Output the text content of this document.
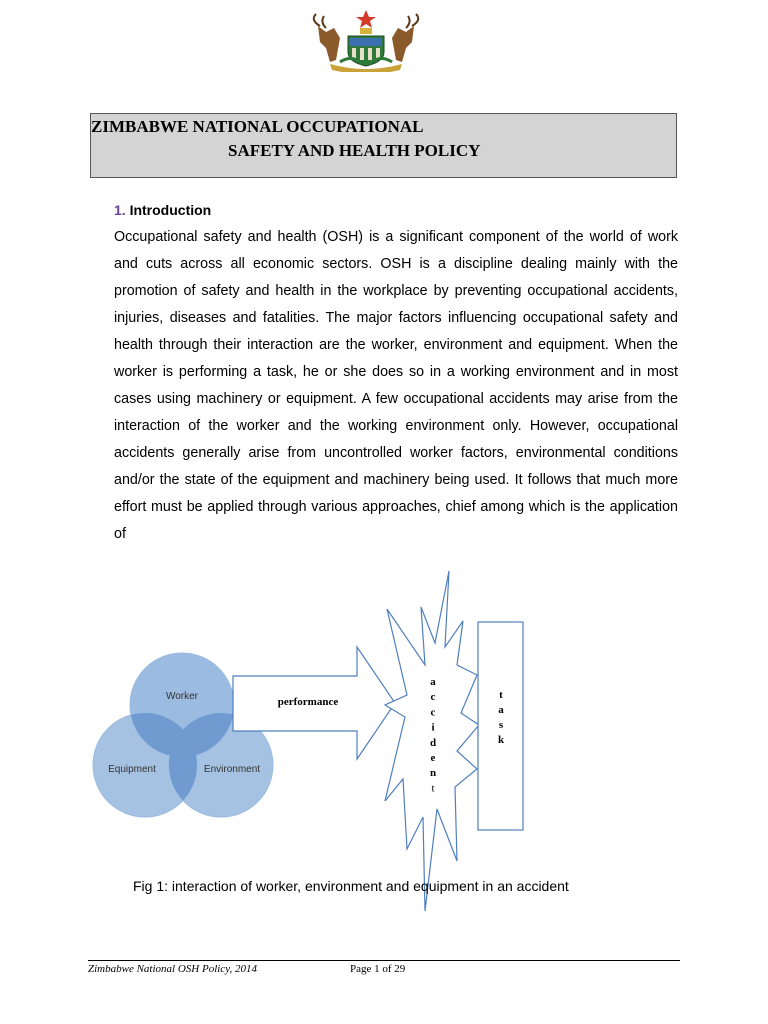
ZIMBABWE NATIONAL OCCUPATIONAL
SAFETY AND HEALTH POLICY
1. Introduction

Occupational safety and health (OSH) is a significant component of the world of work and cuts across all economic sectors. OSH is a discipline dealing mainly with the promotion of safety and health in the workplace by preventing occupational accidents, injuries, diseases and fatalities. The major factors influencing occupational safety and health through their interaction are the worker, environment and equipment. When the worker is performing a task, he or she does so in a working environment and in most cases using machinery or equipment. A few occupational accidents may arise from the interaction of the worker and the working environment only. However, occupational accidents generally arise from uncontrolled worker factors, environmental conditions and/or the state of the equipment and machinery being used. It follows that much more effort must be applied through various approaches, chief among which is the application of

Worker
Equipment	Environment
performance
a
c
c
i
d
e
n
t
t
a
s
k
Fig 1: interaction of worker, environment and equipment in an accident
Zimbabwe National OSH Policy, 2014	Page 1 of 29
